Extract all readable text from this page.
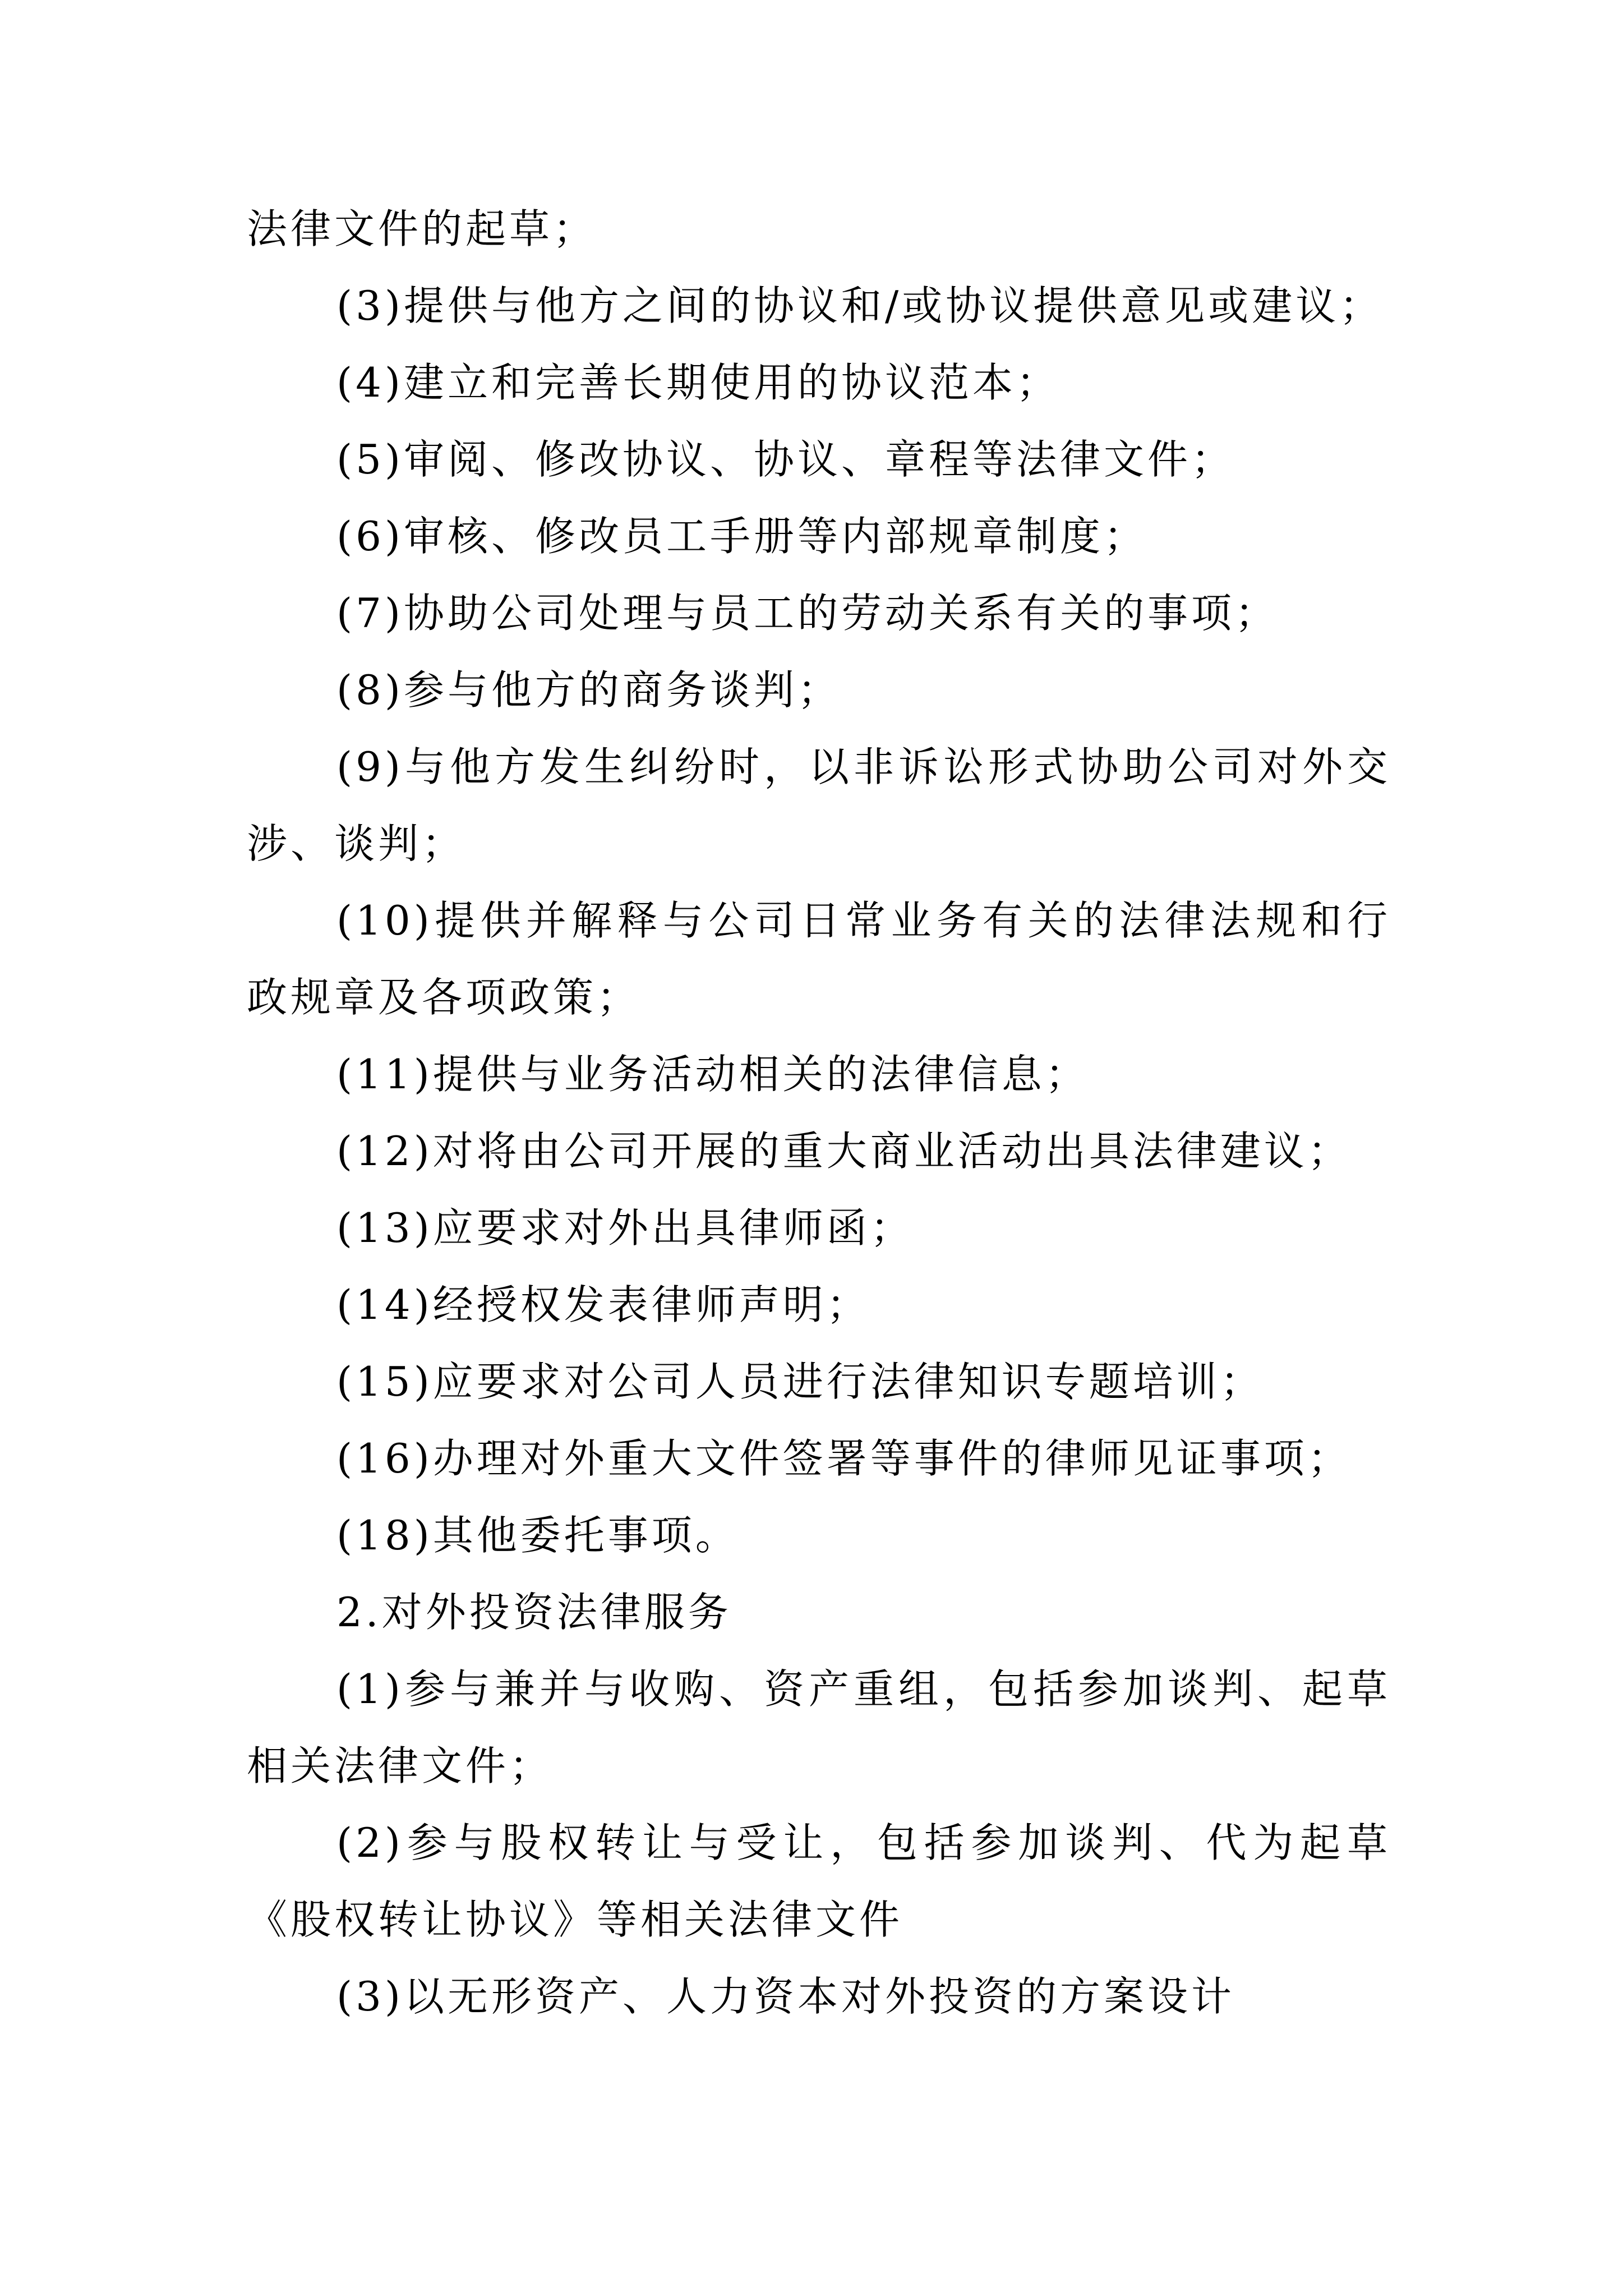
法律文件的起草；

(3)提供与他方之间的协议和/或协议提供意见或建议；

(4)建立和完善长期使用的协议范本；

(5)审阅、修改协议、协议、章程等法律文件；

(6)审核、修改员工手册等内部规章制度；

(7)协助公司处理与员工的劳动关系有关的事项；

(8)参与他方的商务谈判；

(9)与他方发生纠纷时，以非诉讼形式协助公司对外交涉、谈判；

(10)提供并解释与公司日常业务有关的法律法规和行政规章及各项政策；

(11)提供与业务活动相关的法律信息；

(12)对将由公司开展的重大商业活动出具法律建议；

(13)应要求对外出具律师函；

(14)经授权发表律师声明；

(15)应要求对公司人员进行法律知识专题培训；

(16)办理对外重大文件签署等事件的律师见证事项；

(18)其他委托事项。

2.对外投资法律服务

(1)参与兼并与收购、资产重组，包括参加谈判、起草相关法律文件；

(2)参与股权转让与受让，包括参加谈判、代为起草《股权转让协议》等相关法律文件

(3)以无形资产、人力资本对外投资的方案设计
